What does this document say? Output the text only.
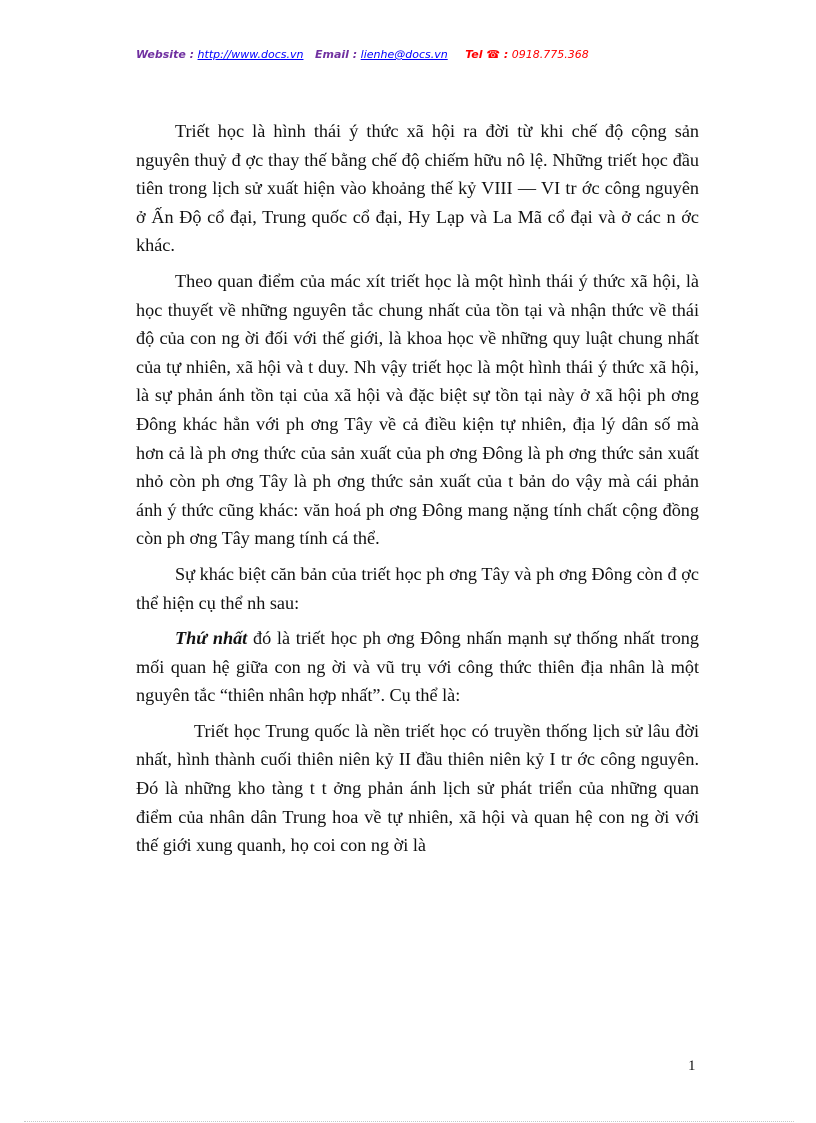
Website : http://www.docs.vn Email : lienhe@docs.vn Tel ☎ : 0918.775.368

Triết học là hình thái ý thức xã hội ra đời từ khi chế độ cộng sản nguyên thuỷ đ ợc thay thế bằng chế độ chiếm hữu nô lệ. Những triết học đầu tiên trong lịch sử xuất hiện vào khoảng thế kỷ VIII — VI tr ớc công nguyên ở Ấn Độ cổ đại, Trung quốc cổ đại, Hy Lạp và La Mã cổ đại và ở các n ớc khác.

Theo quan điểm của mác xít triết học là một hình thái ý thức xã hội, là học thuyết về những nguyên tắc chung nhất của tồn tại và nhận thức về thái độ của con ng ời đối với thế giới, là khoa học về những quy luật chung nhất của tự nhiên, xã hội và t duy. Nh vậy triết học là một hình thái ý thức xã hội, là sự phản ánh tồn tại của xã hội và đặc biệt sự tồn tại này ở xã hội ph ơng Đông khác hẳn với ph ơng Tây về cả điều kiện tự nhiên, địa lý dân số mà hơn cả là ph ơng thức của sản xuất của ph ơng Đông là ph ơng thức sản xuất nhỏ còn ph ơng Tây là ph ơng thức sản xuất của t bản do vậy mà cái phản ánh ý thức cũng khác: văn hoá ph ơng Đông mang nặng tính chất cộng đồng còn ph ơng Tây mang tính cá thể.

Sự khác biệt căn bản của triết học ph ơng Tây và ph ơng Đông còn đ ợc thể hiện cụ thể nh sau:

Thứ nhất đó là triết học ph ơng Đông nhấn mạnh sự thống nhất trong mối quan hệ giữa con ng ời và vũ trụ với công thức thiên địa nhân là một nguyên tắc “thiên nhân hợp nhất”. Cụ thể là:

Triết học Trung quốc là nền triết học có truyền thống lịch sử lâu đời nhất, hình thành cuối thiên niên kỷ II đầu thiên niên kỷ I tr ớc công nguyên. Đó là những kho tàng t t ởng phản ánh lịch sử phát triển của những quan điểm của nhân dân Trung hoa về tự nhiên, xã hội và quan hệ con ng ời với thế giới xung quanh, họ coi con ng ời là

1
